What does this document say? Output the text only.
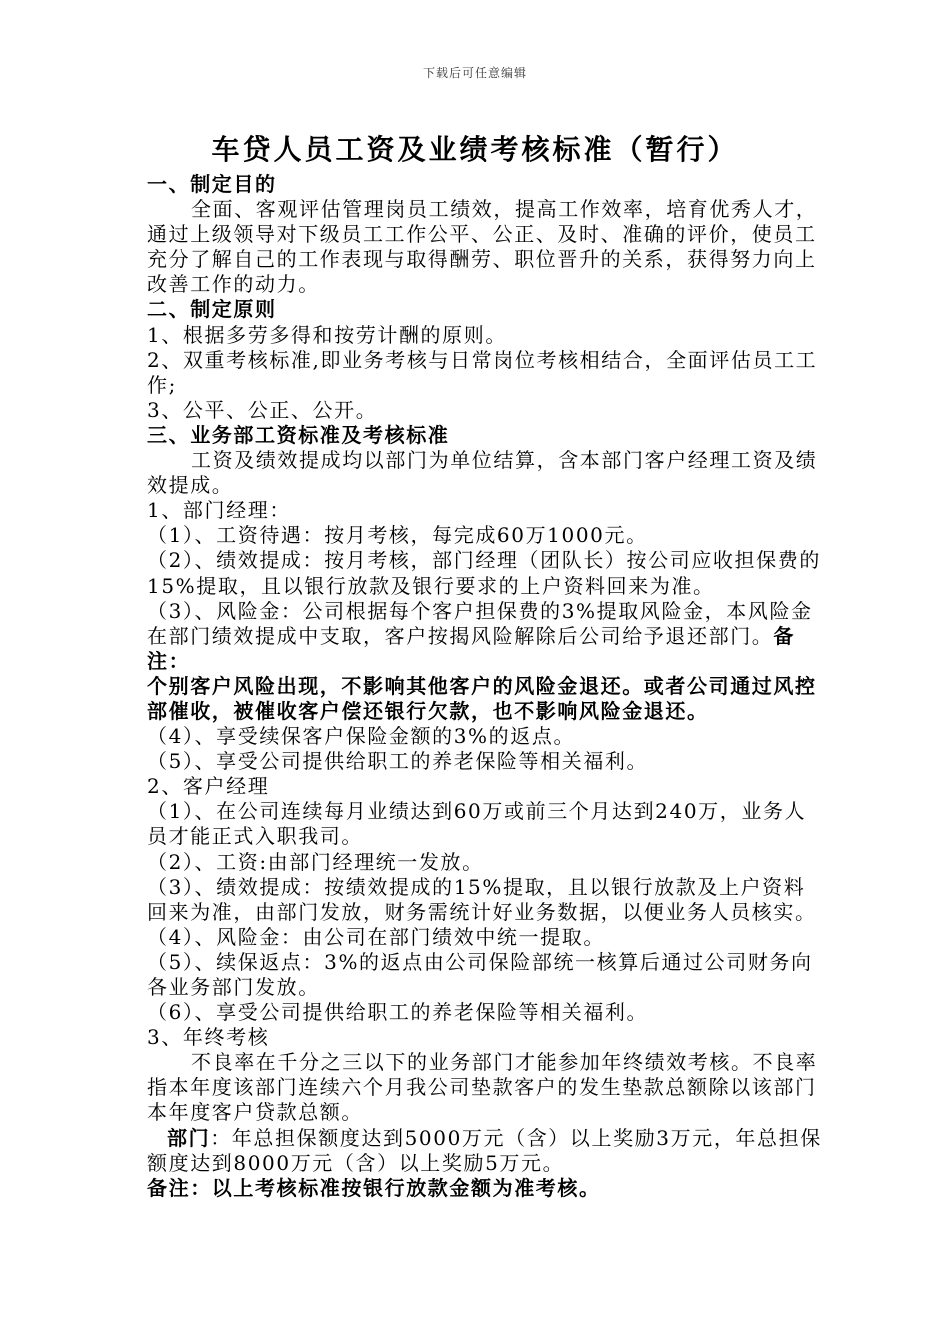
下载后可任意编辑
车贷人员工资及业绩考核标准（暂行）

一、制定目的

全面、客观评估管理岗员工绩效，提高工作效率，培育优秀人才，通过上级领导对下级员工工作公平、公正、及时、准确的评价，使员工充分了解自己的工作表现与取得酬劳、职位晋升的关系，获得努力向上改善工作的动力。

二、制定原则

1、根据多劳多得和按劳计酬的原则。

2、双重考核标准,即业务考核与日常岗位考核相结合，全面评估员工工作;

3、公平、公正、公开。

三、业务部工资标准及考核标准

工资及绩效提成均以部门为单位结算，含本部门客户经理工资及绩效提成。

1、部门经理：

（1）、工资待遇：按月考核，每完成60万1000元。

（2）、绩效提成：按月考核，部门经理（团队长）按公司应收担保费的15%提取，且以银行放款及银行要求的上户资料回来为准。

（3）、风险金：公司根据每个客户担保费的3%提取风险金，本风险金在部门绩效提成中支取，客户按揭风险解除后公司给予退还部门。备注：

个别客户风险出现，不影响其他客户的风险金退还。或者公司通过风控部催收，被催收客户偿还银行欠款，也不影响风险金退还。

（4）、享受续保客户保险金额的3%的返点。

（5）、享受公司提供给职工的养老保险等相关福利。

2、客户经理

（1）、在公司连续每月业绩达到60万或前三个月达到240万，业务人员才能正式入职我司。

（2）、工资:由部门经理统一发放。

（3）、绩效提成：按绩效提成的15%提取，且以银行放款及上户资料回来为准，由部门发放，财务需统计好业务数据，以便业务人员核实。

（4）、风险金：由公司在部门绩效中统一提取。

（5）、续保返点：3%的返点由公司保险部统一核算后通过公司财务向各业务部门发放。

（6）、享受公司提供给职工的养老保险等相关福利。

3、年终考核

不良率在千分之三以下的业务部门才能参加年终绩效考核。不良率指本年度该部门连续六个月我公司垫款客户的发生垫款总额除以该部门本年度客户贷款总额。

部门：年总担保额度达到5000万元（含）以上奖励3万元，年总担保额度达到8000万元（含）以上奖励5万元。

备注：以上考核标准按银行放款金额为准考核。
